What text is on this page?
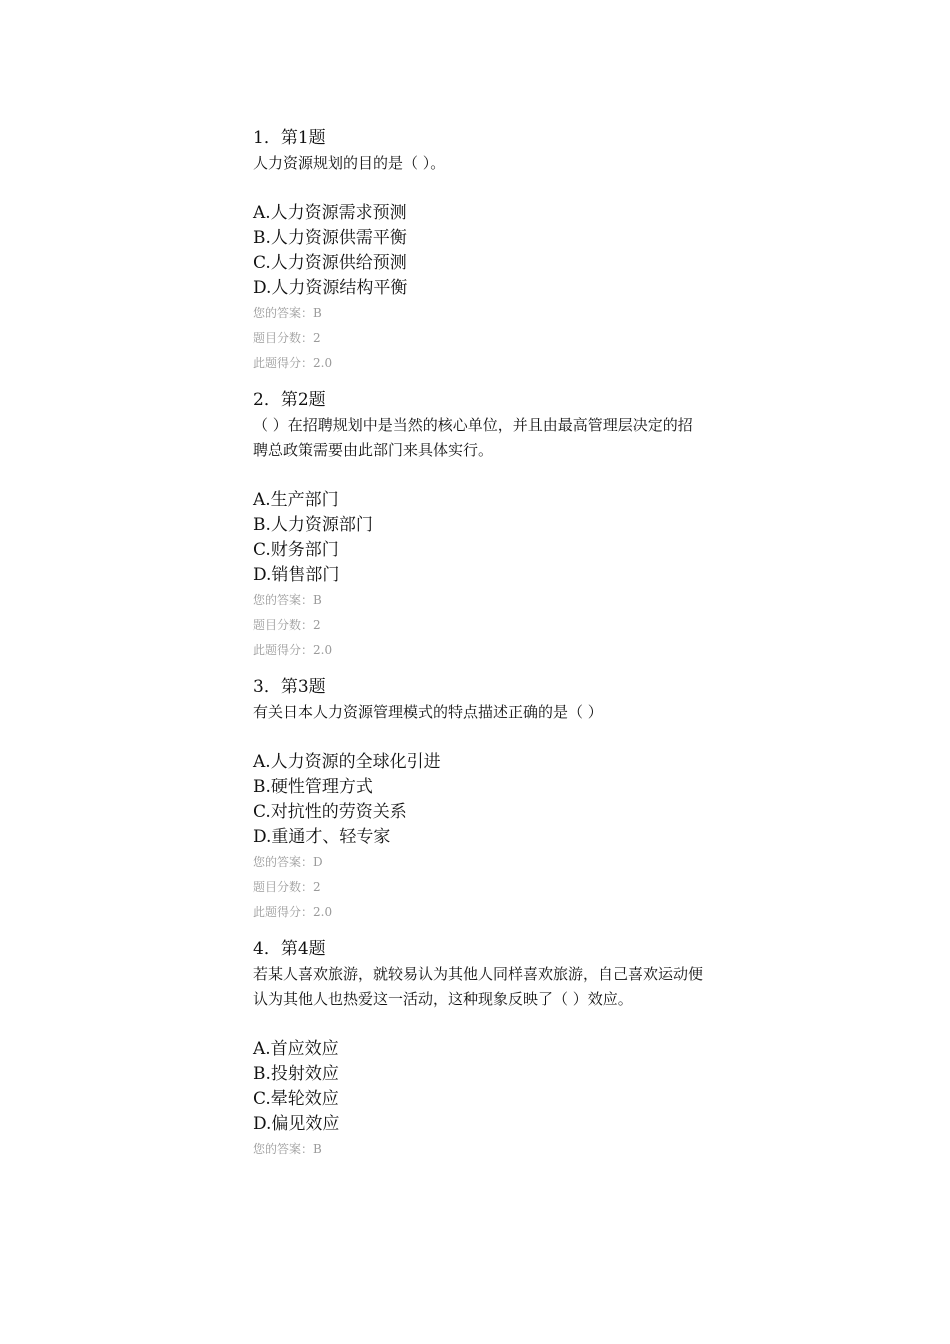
1．第1题
人力资源规划的目的是（ ）。
A.人力资源需求预测
B.人力资源供需平衡
C.人力资源供给预测
D.人力资源结构平衡
您的答案：B
题目分数：2
此题得分：2.0
2．第2题
（ ）在招聘规划中是当然的核心单位，并且由最高管理层决定的招聘总政策需要由此部门来具体实行。
A.生产部门
B.人力资源部门
C.财务部门
D.销售部门
您的答案：B
题目分数：2
此题得分：2.0
3．第3题
有关日本人力资源管理模式的特点描述正确的是（ ）
A.人力资源的全球化引进
B.硬性管理方式
C.对抗性的劳资关系
D.重通才、轻专家
您的答案：D
题目分数：2
此题得分：2.0
4．第4题
若某人喜欢旅游，就较易认为其他人同样喜欢旅游，自己喜欢运动便认为其他人也热爱这一活动，这种现象反映了（ ）效应。
A.首应效应
B.投射效应
C.晕轮效应
D.偏见效应
您的答案：B
